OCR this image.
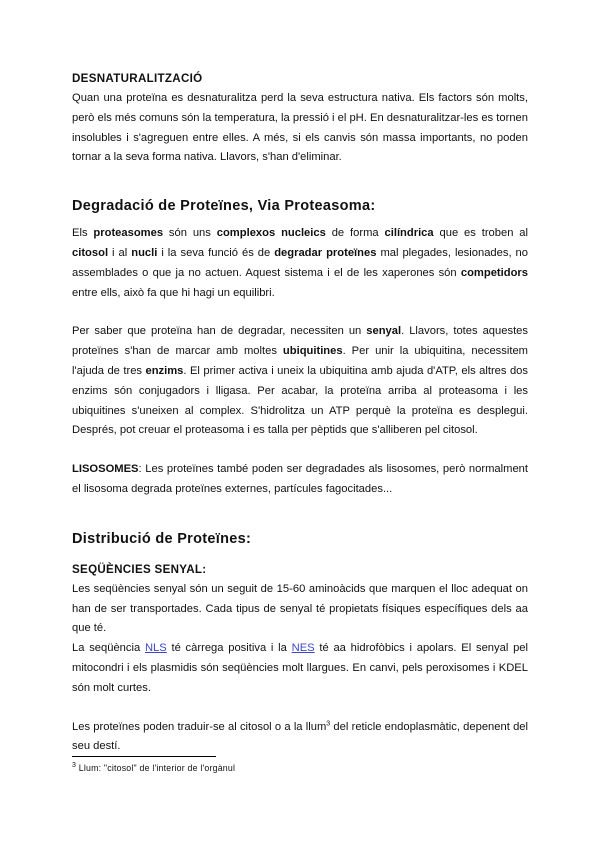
DESNATURALITZACIÓ

Quan una proteïna es desnaturalitza perd la seva estructura nativa. Els factors són molts, però els més comuns són la temperatura, la pressió i el pH. En desnaturalitzar-les es tornen insolubles i s'agreguen entre elles. A més, si els canvis són massa importants, no poden tornar a la seva forma nativa. Llavors, s'han d'eliminar.

Degradació de Proteïnes, Via Proteasoma:

Els proteasomes són uns complexos nucleics de forma cilíndrica que es troben al citosol i al nucli i la seva funció és de degradar proteïnes mal plegades, lesionades, no assemblades o que ja no actuen. Aquest sistema i el de les xaperones són competidors entre ells, això fa que hi hagi un equilibri.

Per saber que proteïna han de degradar, necessiten un senyal. Llavors, totes aquestes proteïnes s'han de marcar amb moltes ubiquitines. Per unir la ubiquitina, necessitem l'ajuda de tres enzims. El primer activa i uneix la ubiquitina amb ajuda d'ATP, els altres dos enzims són conjugadors i lligasa. Per acabar, la proteïna arriba al proteasoma i les ubiquitines s'uneixen al complex. S'hidrolitza un ATP perquè la proteïna es desplegui. Després, pot creuar el proteasoma i es talla per pèptids que s'alliberen pel citosol.

LISOSOMES: Les proteïnes també poden ser degradades als lisosomes, però normalment el lisosoma degrada proteïnes externes, partícules fagocitades...

Distribució de Proteïnes:
SEQÜÈNCIES SENYAL:

Les seqüències senyal són un seguit de 15-60 aminoàcids que marquen el lloc adequat on han de ser transportades. Cada tipus de senyal té propietats físiques específiques dels aa que té.

La seqüència NLS té càrrega positiva i la NES té aa hidrofòbics i apolars. El senyal pel mitocondri i els plasmidis són seqüències molt llargues. En canvi, pels peroxisomes i KDEL són molt curtes.

Les proteïnes poden traduir-se al citosol o a la llum$^3$ del reticle endoplasmàtic, depenent del seu destí.

$^3$ Llum: "citosol" de l'interior de l'orgànul
